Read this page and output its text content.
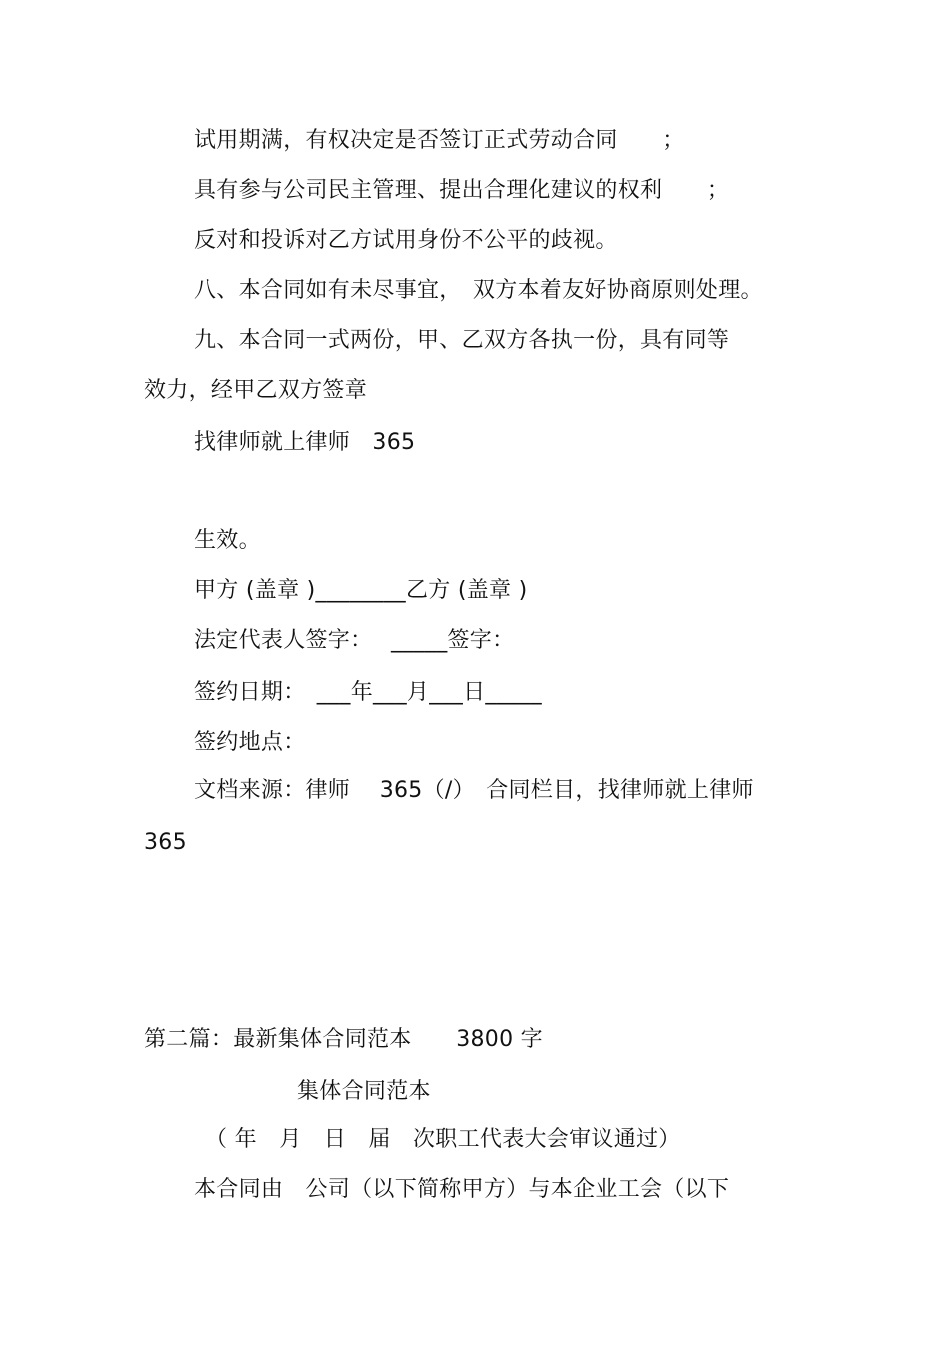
试用期满，有权决定是否签订正式劳动合同　　；
具有参与公司民主管理、提出合理化建议的权利　　；
反对和投诉对乙方试用身份不公平的歧视。
八、本合同如有未尽事宜，　双方本着友好协商原则处理。
九、本合同一式两份，甲、乙双方各执一份，具有同等
效力，经甲乙双方签章
找律师就上律师　365
生效。
甲方 (盖章 )________乙方 (盖章 )
法定代表人签字：　 _____签字：
签约日期：　___年___月___日_____
签约地点：
文档来源：律师　 365（/）　合同栏目，找律师就上律师
365
第二篇：最新集体合同范本　　3800 字
集体合同范本
（ 年　月　日　届　次职工代表大会审议通过）
本合同由　公司（以下简称甲方）与本企业工会（以下
